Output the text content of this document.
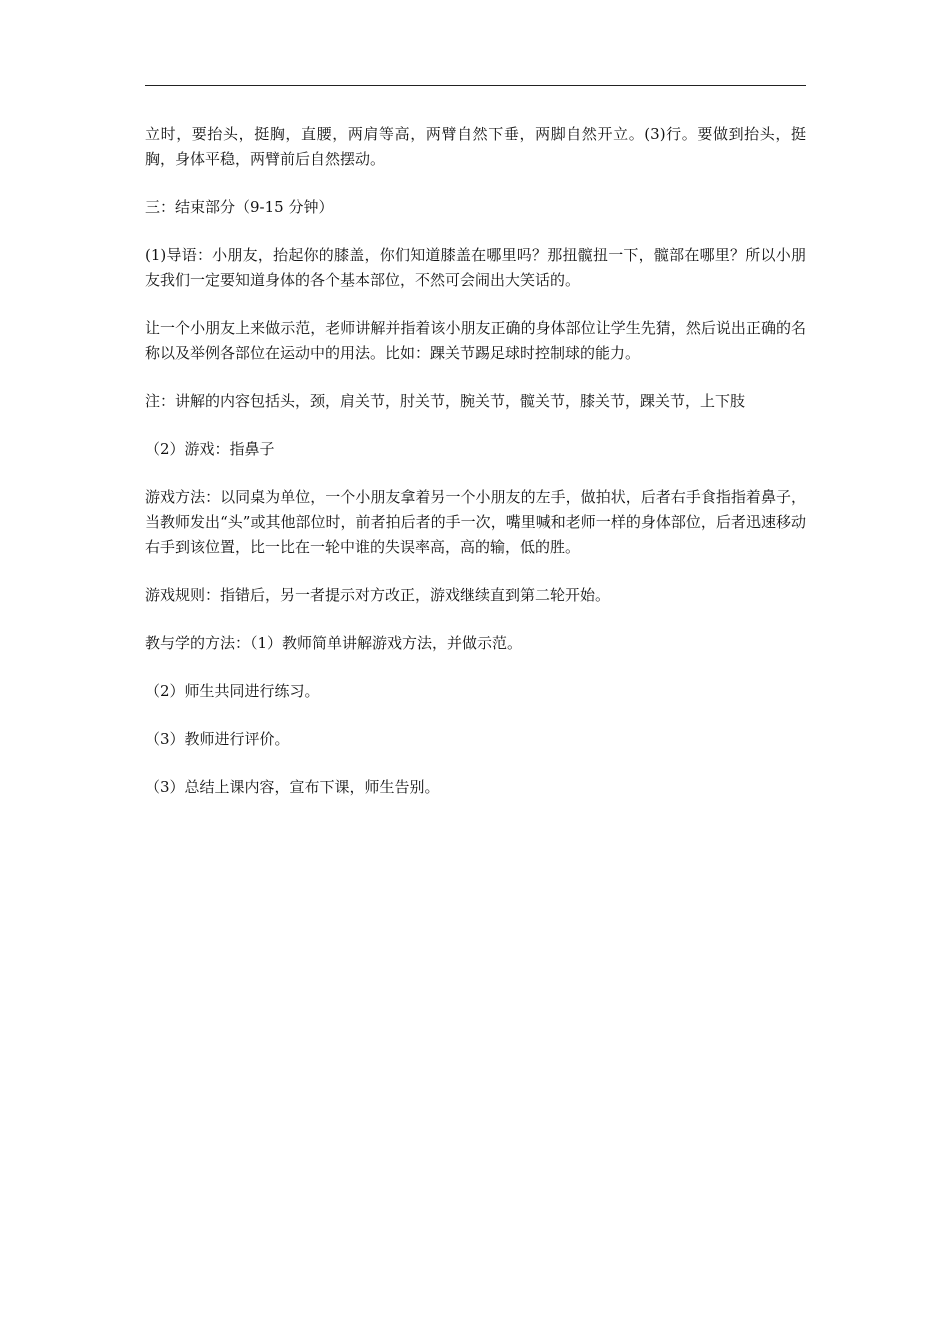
立时，要抬头，挺胸，直腰，两肩等高，两臂自然下垂，两脚自然开立。(3)行。要做到抬头，挺胸，身体平稳，两臂前后自然摆动。

三：结束部分（9-15 分钟）

(1)导语：小朋友，抬起你的膝盖，你们知道膝盖在哪里吗？那扭髋扭一下，髋部在哪里？所以小朋友我们一定要知道身体的各个基本部位，不然可会闹出大笑话的。

让一个小朋友上来做示范，老师讲解并指着该小朋友正确的身体部位让学生先猜，然后说出正确的名称以及举例各部位在运动中的用法。比如：踝关节踢足球时控制球的能力。

注：讲解的内容包括头，颈，肩关节，肘关节，腕关节，髋关节，膝关节，踝关节，上下肢

（2）游戏：指鼻子

游戏方法：以同桌为单位，一个小朋友拿着另一个小朋友的左手，做拍状，后者右手食指指着鼻子，当教师发出“头”或其他部位时，前者拍后者的手一次，嘴里喊和老师一样的身体部位，后者迅速移动右手到该位置，比一比在一轮中谁的失误率高，高的输，低的胜。

游戏规则：指错后，另一者提示对方改正，游戏继续直到第二轮开始。

教与学的方法：（1）教师简单讲解游戏方法，并做示范。

（2）师生共同进行练习。

（3）教师进行评价。

（3）总结上课内容，宣布下课，师生告别。
